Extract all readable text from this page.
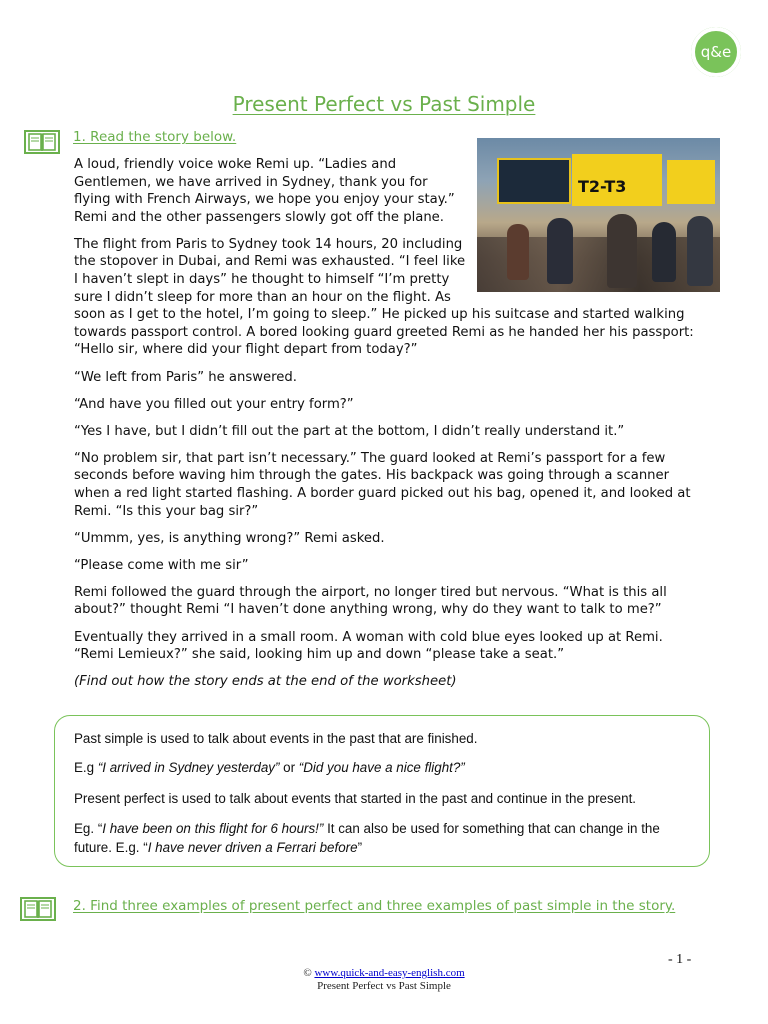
q&e
Present Perfect vs Past Simple
1. Read the story below.
T2-T3

A loud, friendly voice woke Remi up. “Ladies and Gentlemen, we have arrived in Sydney, thank you for flying with French Airways, we hope you enjoy your stay.” Remi and the other passengers slowly got off the plane.

The flight from Paris to Sydney took 14 hours, 20 including the stopover in Dubai, and Remi was exhausted. “I feel like I haven’t slept in days” he thought to himself “I’m pretty sure I didn’t sleep for more than an hour on the flight. As soon as I get to the hotel, I’m going to sleep.” He picked up his suitcase and started walking towards passport control. A bored looking guard greeted Remi as he handed her his passport: “Hello sir, where did your flight depart from today?”

“We left from Paris” he answered.

“And have you filled out your entry form?”

“Yes I have, but I didn’t fill out the part at the bottom, I didn’t really understand it.”

“No problem sir, that part isn’t necessary.” The guard looked at Remi’s passport for a few seconds before waving him through the gates. His backpack was going through a scanner when a red light started flashing. A border guard picked out his bag, opened it, and looked at Remi. “Is this your bag sir?”

“Ummm, yes, is anything wrong?” Remi asked.

“Please come with me sir”

Remi followed the guard through the airport, no longer tired but nervous. “What is this all about?” thought Remi “I haven’t done anything wrong, why do they want to talk to me?”

Eventually they arrived in a small room. A woman with cold blue eyes looked up at Remi. “Remi Lemieux?” she said, looking him up and down “please take a seat.”

(Find out how the story ends at the end of the worksheet)

Past simple is used to talk about events in the past that are finished.
E.g “I arrived in Sydney yesterday” or “Did you have a nice flight?”
Present perfect is used to talk about events that started in the past and continue in the present.
Eg. “I have been on this flight for 6 hours!” It can also be used for something that can change in the
future. E.g. “I have never driven a Ferrari before”
2. Find three examples of present perfect and three examples of past simple in the story.
- 1 -
© www.quick-and-easy-english.com
Present Perfect vs Past Simple
